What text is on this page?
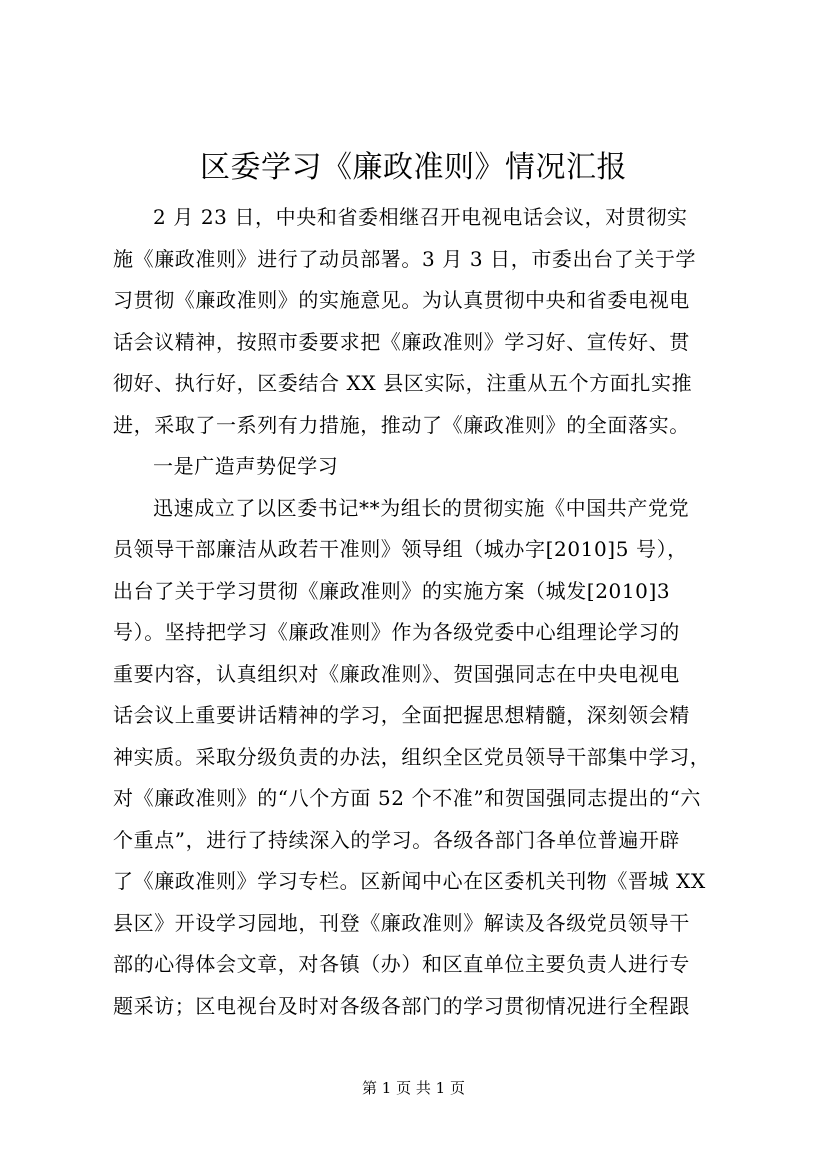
区委学习《廉政准则》情况汇报
2 月 23 日，中央和省委相继召开电视电话会议，对贯彻实
施《廉政准则》进行了动员部署。3 月 3 日，市委出台了关于学
习贯彻《廉政准则》的实施意见。为认真贯彻中央和省委电视电
话会议精神，按照市委要求把《廉政准则》学习好、宣传好、贯
彻好、执行好，区委结合 XX 县区实际，注重从五个方面扎实推
进，采取了一系列有力措施，推动了《廉政准则》的全面落实。
一是广造声势促学习
迅速成立了以区委书记**为组长的贯彻实施《中国共产党党
员领导干部廉洁从政若干准则》领导组（城办字[2010]5 号），
出台了关于学习贯彻《廉政准则》的实施方案（城发[2010]3
号）。坚持把学习《廉政准则》作为各级党委中心组理论学习的
重要内容，认真组织对《廉政准则》、贺国强同志在中央电视电
话会议上重要讲话精神的学习，全面把握思想精髓，深刻领会精
神实质。采取分级负责的办法，组织全区党员领导干部集中学习，
对《廉政准则》的“八个方面 52 个不准”和贺国强同志提出的“六
个重点”，进行了持续深入的学习。各级各部门各单位普遍开辟
了《廉政准则》学习专栏。区新闻中心在区委机关刊物《晋城 XX
县区》开设学习园地，刊登《廉政准则》解读及各级党员领导干
部的心得体会文章，对各镇（办）和区直单位主要负责人进行专
题采访；区电视台及时对各级各部门的学习贯彻情况进行全程跟
第 1 页 共 1 页
